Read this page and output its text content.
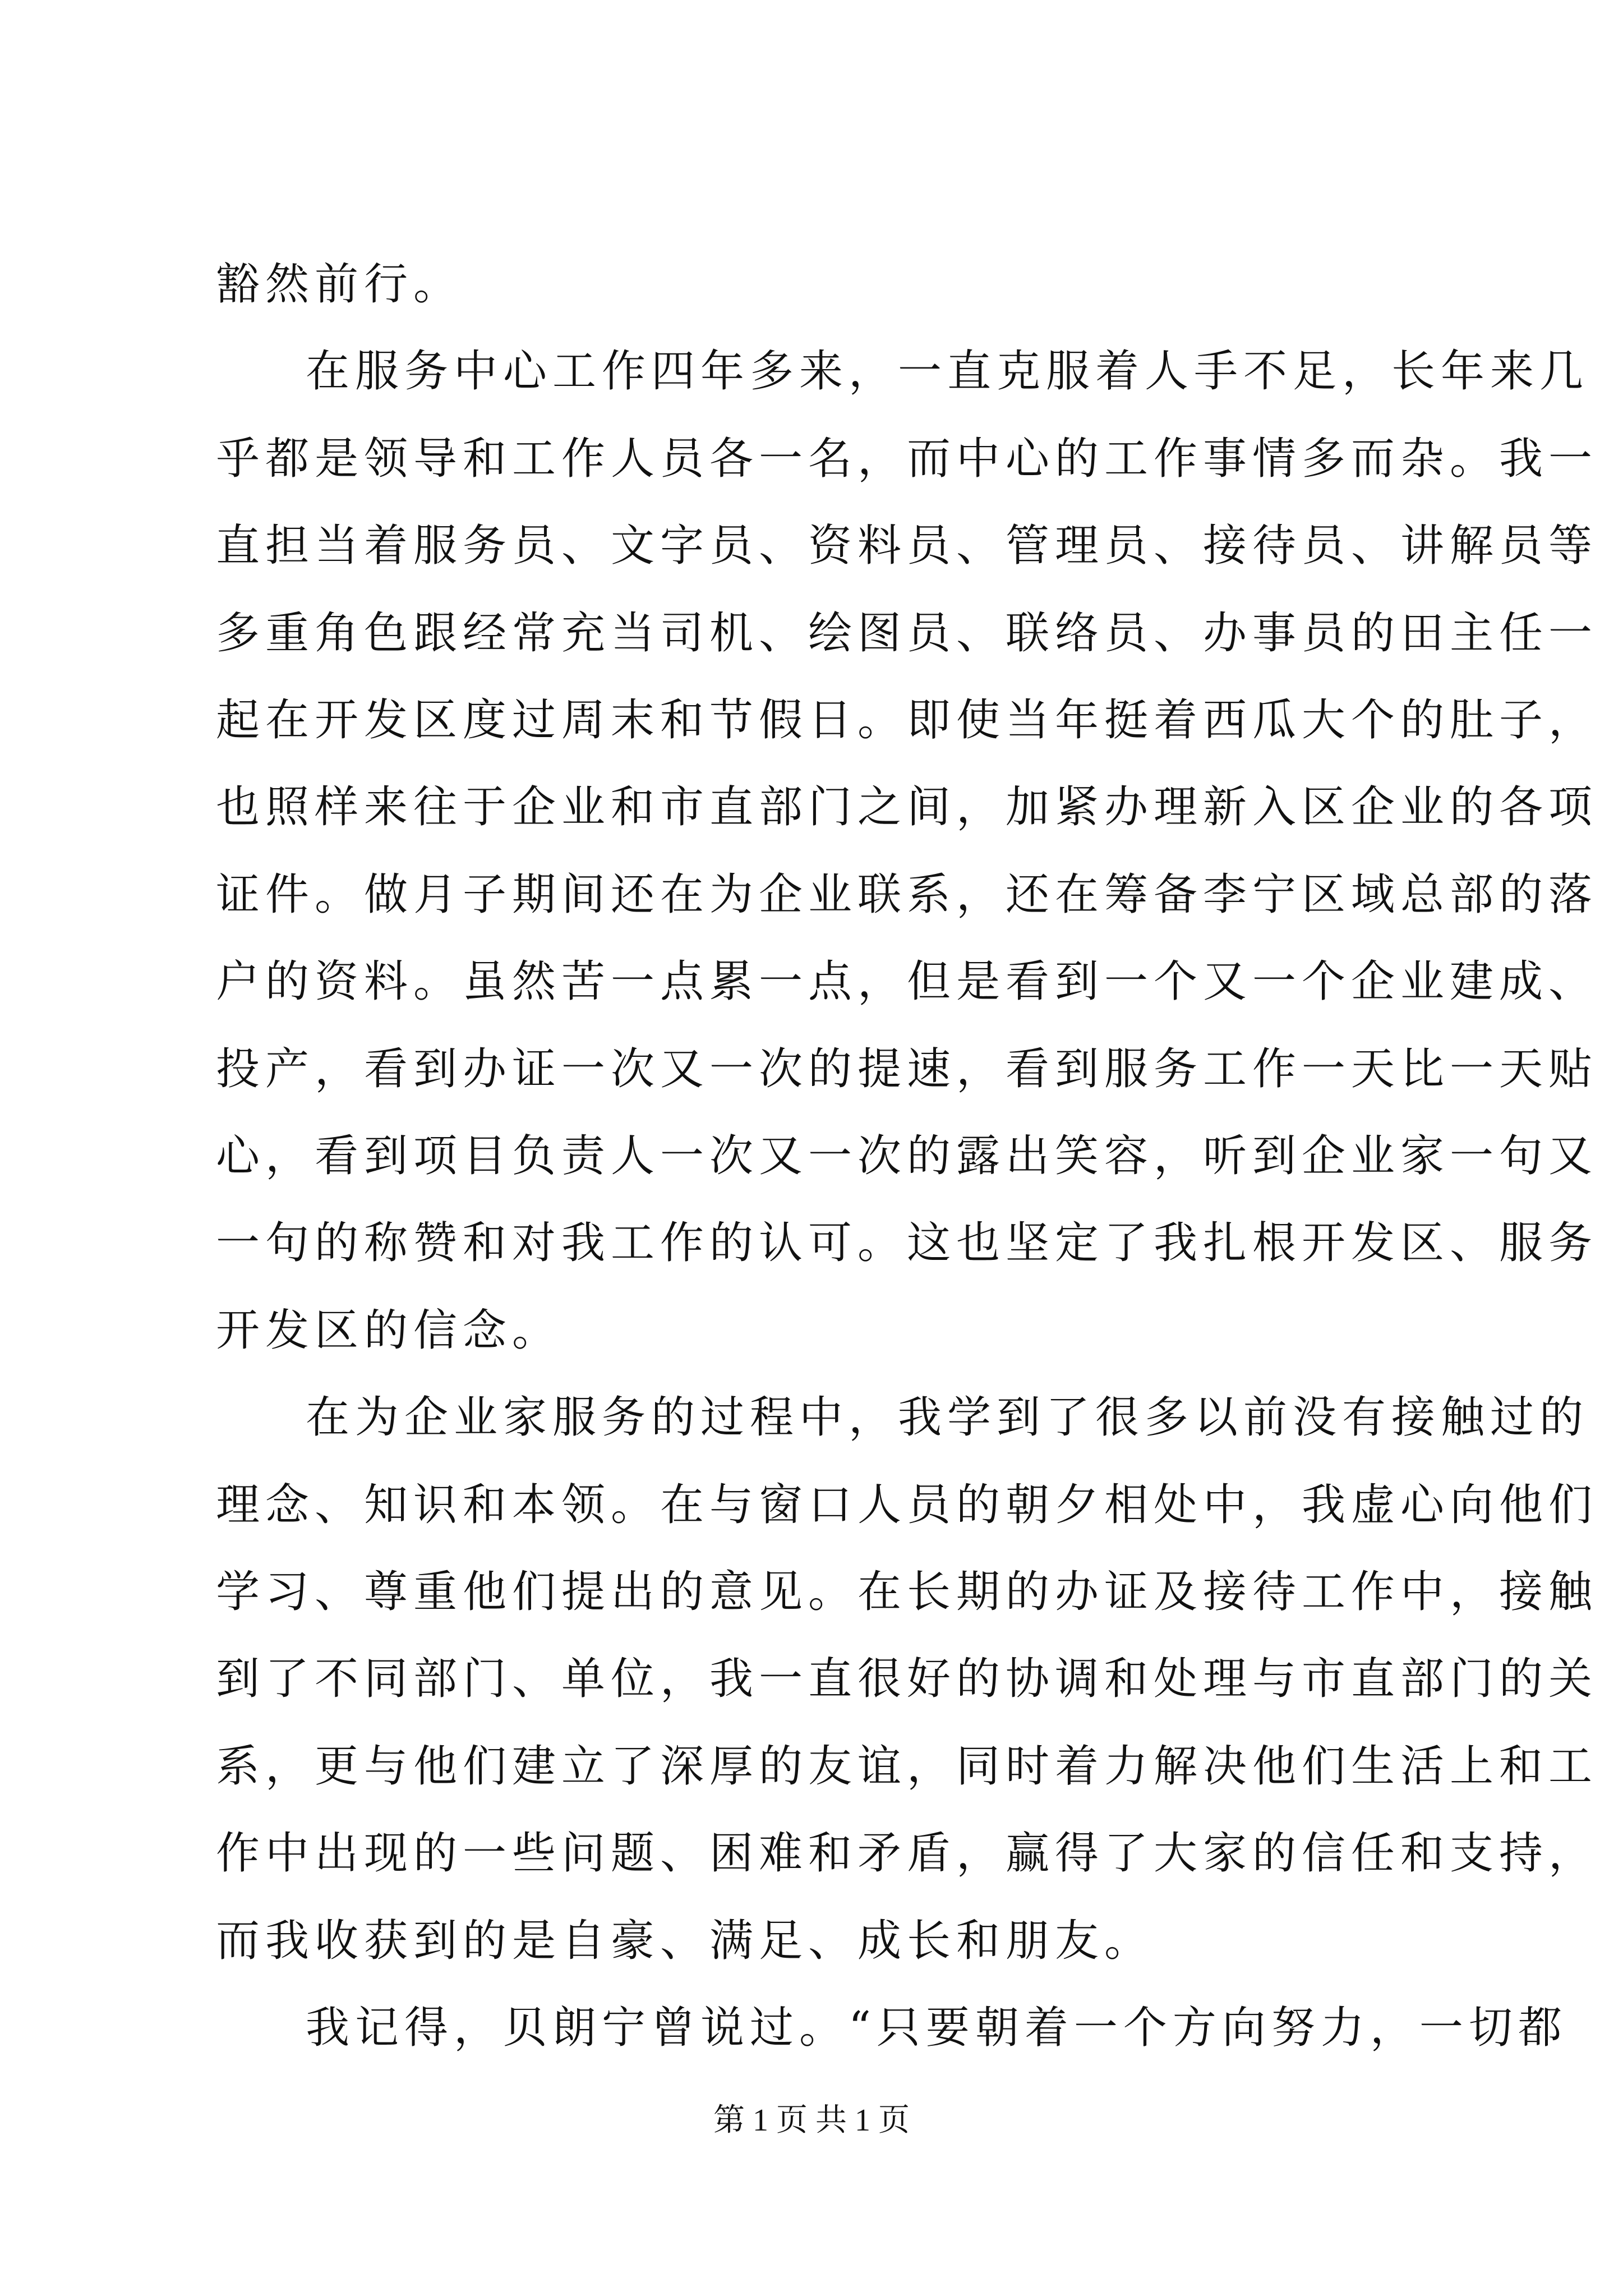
豁然前行。
在服务中心工作四年多来，一直克服着人手不足，长年来几
乎都是领导和工作人员各一名，而中心的工作事情多而杂。我一
直担当着服务员、文字员、资料员、管理员、接待员、讲解员等
多重角色跟经常充当司机、绘图员、联络员、办事员的田主任一
起在开发区度过周末和节假日。即使当年挺着西瓜大个的肚子，
也照样来往于企业和市直部门之间，加紧办理新入区企业的各项
证件。做月子期间还在为企业联系，还在筹备李宁区域总部的落
户的资料。虽然苦一点累一点，但是看到一个又一个企业建成、
投产，看到办证一次又一次的提速，看到服务工作一天比一天贴
心，看到项目负责人一次又一次的露出笑容，听到企业家一句又
一句的称赞和对我工作的认可。这也坚定了我扎根开发区、服务
开发区的信念。
在为企业家服务的过程中，我学到了很多以前没有接触过的
理念、知识和本领。在与窗口人员的朝夕相处中，我虚心向他们
学习、尊重他们提出的意见。在长期的办证及接待工作中，接触
到了不同部门、单位，我一直很好的协调和处理与市直部门的关
系，更与他们建立了深厚的友谊，同时着力解决他们生活上和工
作中出现的一些问题、困难和矛盾，赢得了大家的信任和支持，
而我收获到的是自豪、满足、成长和朋友。
我记得，贝朗宁曾说过。“只要朝着一个方向努力，一切都
第 1 页 共 1 页
